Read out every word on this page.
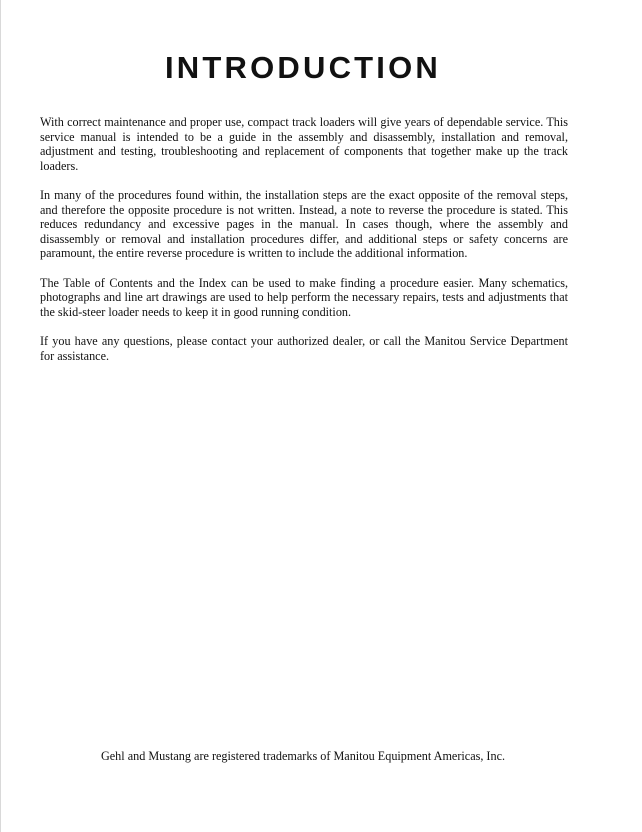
INTRODUCTION

With correct maintenance and proper use, compact track loaders will give years of dependable service. This service manual is intended to be a guide in the assembly and disassembly, installation and removal, adjustment and testing, troubleshooting and replacement of components that together make up the track loaders.

In many of the procedures found within, the installation steps are the exact opposite of the removal steps, and therefore the opposite procedure is not written. Instead, a note to reverse the procedure is stated. This reduces redundancy and excessive pages in the manual. In cases though, where the assembly and disassembly or removal and installation procedures differ, and additional steps or safety concerns are paramount, the entire reverse procedure is written to include the additional information.

The Table of Contents and the Index can be used to make finding a procedure easier. Many schematics, photographs and line art drawings are used to help perform the necessary repairs, tests and adjustments that the skid-steer loader needs to keep it in good running condition.

If you have any questions, please contact your authorized dealer, or call the Manitou Service Department for assistance.

Gehl and Mustang are registered trademarks of Manitou Equipment Americas, Inc.
